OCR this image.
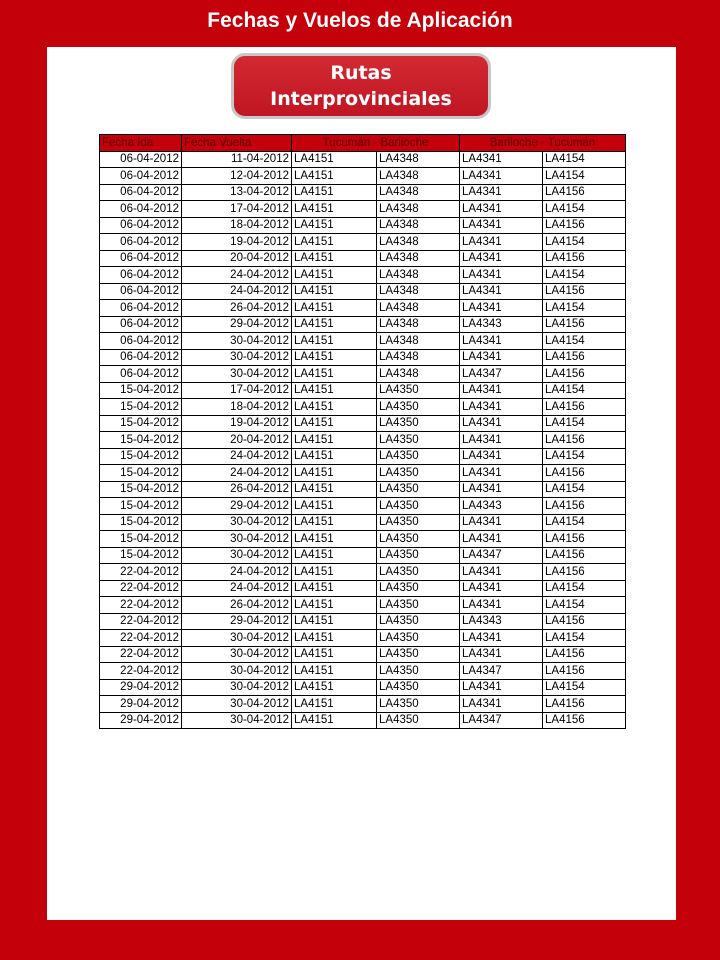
Fechas y Vuelos de Aplicación
Rutas
Interprovinciales
Fecha Ida	Fecha Vuelta	Tucumán - Bariloche		Bariloche - Tucumán	
06-04-2012	11-04-2012	LA4151	LA4348	LA4341	LA4154
06-04-2012	12-04-2012	LA4151	LA4348	LA4341	LA4154
06-04-2012	13-04-2012	LA4151	LA4348	LA4341	LA4156
06-04-2012	17-04-2012	LA4151	LA4348	LA4341	LA4154
06-04-2012	18-04-2012	LA4151	LA4348	LA4341	LA4156
06-04-2012	19-04-2012	LA4151	LA4348	LA4341	LA4154
06-04-2012	20-04-2012	LA4151	LA4348	LA4341	LA4156
06-04-2012	24-04-2012	LA4151	LA4348	LA4341	LA4154
06-04-2012	24-04-2012	LA4151	LA4348	LA4341	LA4156
06-04-2012	26-04-2012	LA4151	LA4348	LA4341	LA4154
06-04-2012	29-04-2012	LA4151	LA4348	LA4343	LA4156
06-04-2012	30-04-2012	LA4151	LA4348	LA4341	LA4154
06-04-2012	30-04-2012	LA4151	LA4348	LA4341	LA4156
06-04-2012	30-04-2012	LA4151	LA4348	LA4347	LA4156
15-04-2012	17-04-2012	LA4151	LA4350	LA4341	LA4154
15-04-2012	18-04-2012	LA4151	LA4350	LA4341	LA4156
15-04-2012	19-04-2012	LA4151	LA4350	LA4341	LA4154
15-04-2012	20-04-2012	LA4151	LA4350	LA4341	LA4156
15-04-2012	24-04-2012	LA4151	LA4350	LA4341	LA4154
15-04-2012	24-04-2012	LA4151	LA4350	LA4341	LA4156
15-04-2012	26-04-2012	LA4151	LA4350	LA4341	LA4154
15-04-2012	29-04-2012	LA4151	LA4350	LA4343	LA4156
15-04-2012	30-04-2012	LA4151	LA4350	LA4341	LA4154
15-04-2012	30-04-2012	LA4151	LA4350	LA4341	LA4156
15-04-2012	30-04-2012	LA4151	LA4350	LA4347	LA4156
22-04-2012	24-04-2012	LA4151	LA4350	LA4341	LA4156
22-04-2012	24-04-2012	LA4151	LA4350	LA4341	LA4154
22-04-2012	26-04-2012	LA4151	LA4350	LA4341	LA4154
22-04-2012	29-04-2012	LA4151	LA4350	LA4343	LA4156
22-04-2012	30-04-2012	LA4151	LA4350	LA4341	LA4154
22-04-2012	30-04-2012	LA4151	LA4350	LA4341	LA4156
22-04-2012	30-04-2012	LA4151	LA4350	LA4347	LA4156
29-04-2012	30-04-2012	LA4151	LA4350	LA4341	LA4154
29-04-2012	30-04-2012	LA4151	LA4350	LA4341	LA4156
29-04-2012	30-04-2012	LA4151	LA4350	LA4347	LA4156
